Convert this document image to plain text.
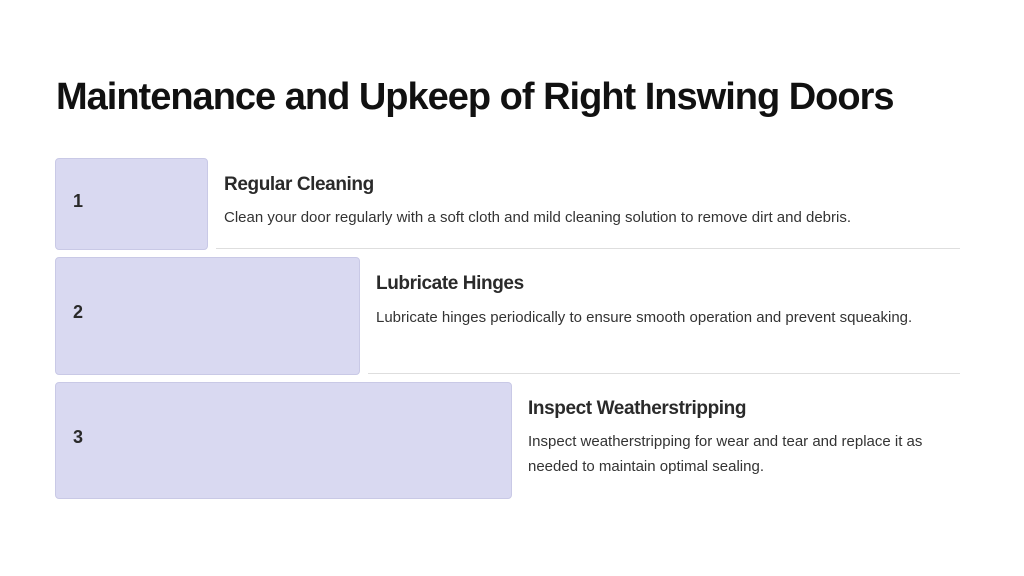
Maintenance and Upkeep of Right Inswing Doors
1
Regular Cleaning

Clean your door regularly with a soft cloth and mild cleaning solution to remove dirt and debris.

2
Lubricate Hinges

Lubricate hinges periodically to ensure smooth operation and prevent squeaking.

3
Inspect Weatherstripping

Inspect weatherstripping for wear and tear and replace it as needed to maintain optimal sealing.
